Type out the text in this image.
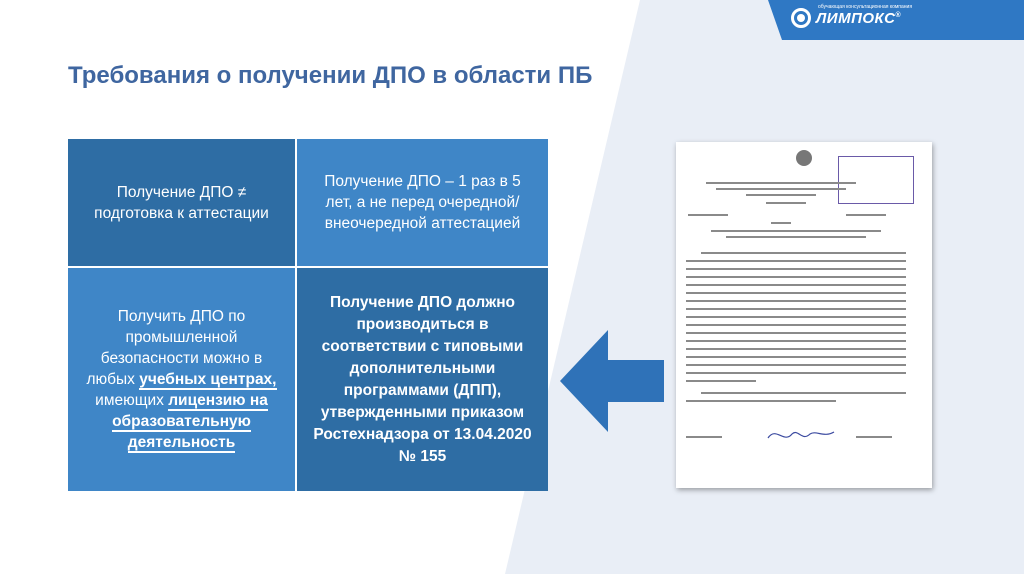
обучающая консультационная компания
ЛИМПОКС®
Требования о получении ДПО в области ПБ
Получение ДПО ≠ подготовка к аттестации
Получение ДПО – 1 раз в 5 лет, а не перед очередной/внеочередной аттестацией
Получить ДПО по промышленной безопасности можно в любых учебных центрах, имеющих лицензию на образовательную деятельность
Получение ДПО должно производиться в соответствии с типовыми дополнительными программами (ДПП), утвержденными приказом Ростехнадзора от 13.04.2020 № 155
